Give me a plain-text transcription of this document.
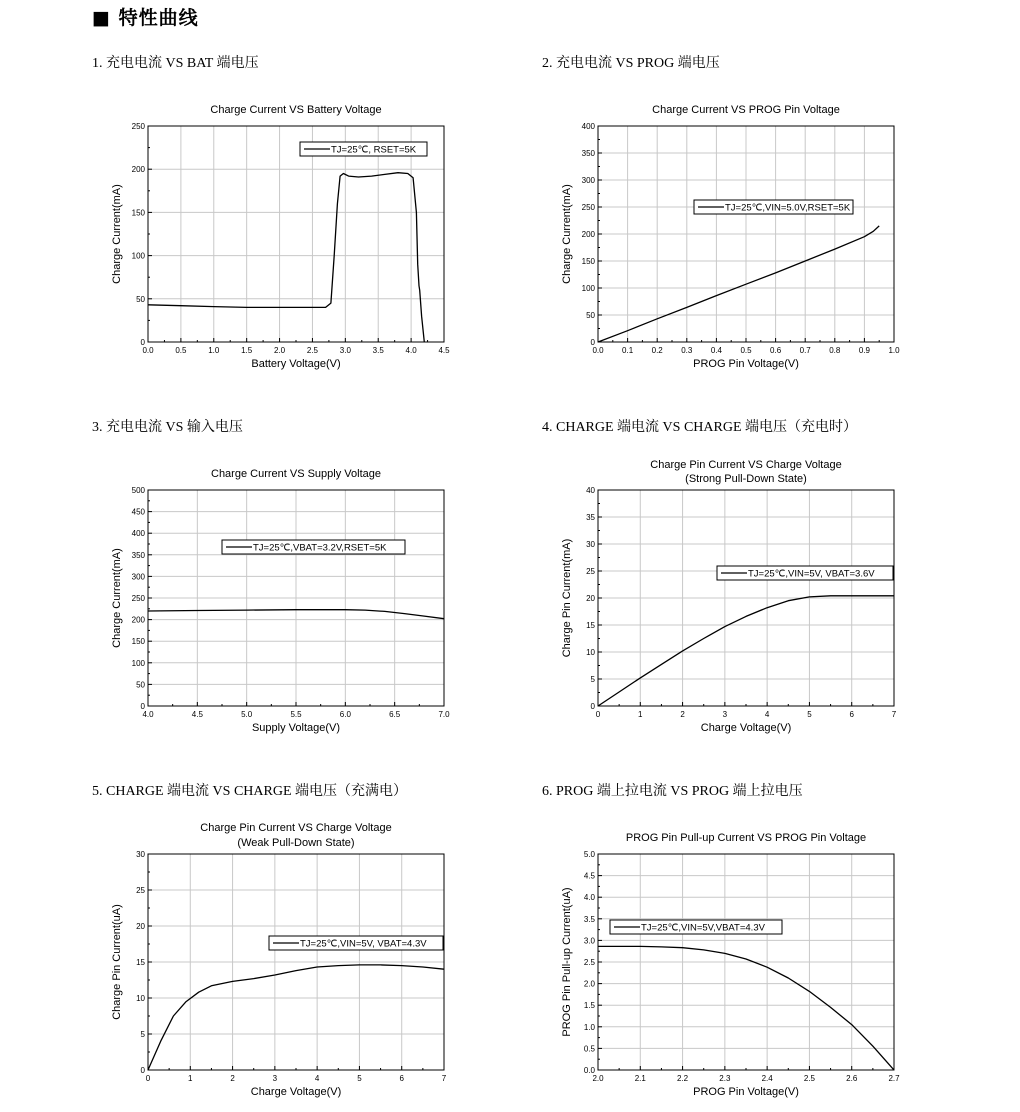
■ 特性曲线
1. 充电电流 VS BAT 端电压	2. 充电电流 VS PROG 端电压
3. 充电电流 VS 输入电压	4. CHARGE 端电流 VS CHARGE 端电压（充电时）
5. CHARGE 端电流 VS CHARGE 端电压（充满电）	6. PROG 端上拉电流 VS PROG 端上拉电压
0.0	0.5	1.0	1.5	2.0	2.5	3.0	3.5	4.0	4.5
0
50
100
150
200
250
Charge Current VS Battery Voltage
Battery Voltage(V)
Charge Current(mA)
TJ=25℃, RSET=5K
0.0 0.1 0.2 0.3 0.4 0.5 0.6 0.7 0.8 0.9 1.0
0
50
100
150
200
250
300
350
400
Charge Current VS PROG Pin Voltage
PROG Pin Voltage(V)
Charge Current(mA)	TJ=25℃,VIN=5.0V,RSET=5K
4.0	4.5	5.0	5.5	6.0	6.5	7.0
0
50
100
150
200
250
300
350
400
450
500
Charge Current VS Supply Voltage
Supply Voltage(V)
Charge Current(mA)
TJ=25℃,VBAT=3.2V,RSET=5K
0	1	2	3	4	5	6	7
0
5
10
15
20
25
30
35
40
Charge Pin Current VS Charge Voltage
(Strong Pull-Down State)
Charge Voltage(V)
Charge Pin Current(mA)	TJ=25℃,VIN=5V, VBAT=3.6V
0	1	2	3	4	5	6	7
0
5
10
15
20
25
30
Charge Pin Current VS Charge Voltage
(Weak Pull-Down State)
Charge Voltage(V)
Charge Pin Current(uA)	TJ=25℃,VIN=5V, VBAT=4.3V
2.0	2.1	2.2	2.3	2.4	2.5	2.6	2.7
0.0
0.5
1.0
1.5
2.0
2.5
3.0
3.5
4.0
4.5
5.0
PROG Pin Pull-up Current VS PROG Pin Voltage
PROG Pin Voltage(V)
PROG Pin Pull-up Current(uA)	TJ=25℃,VIN=5V,VBAT=4.3V
